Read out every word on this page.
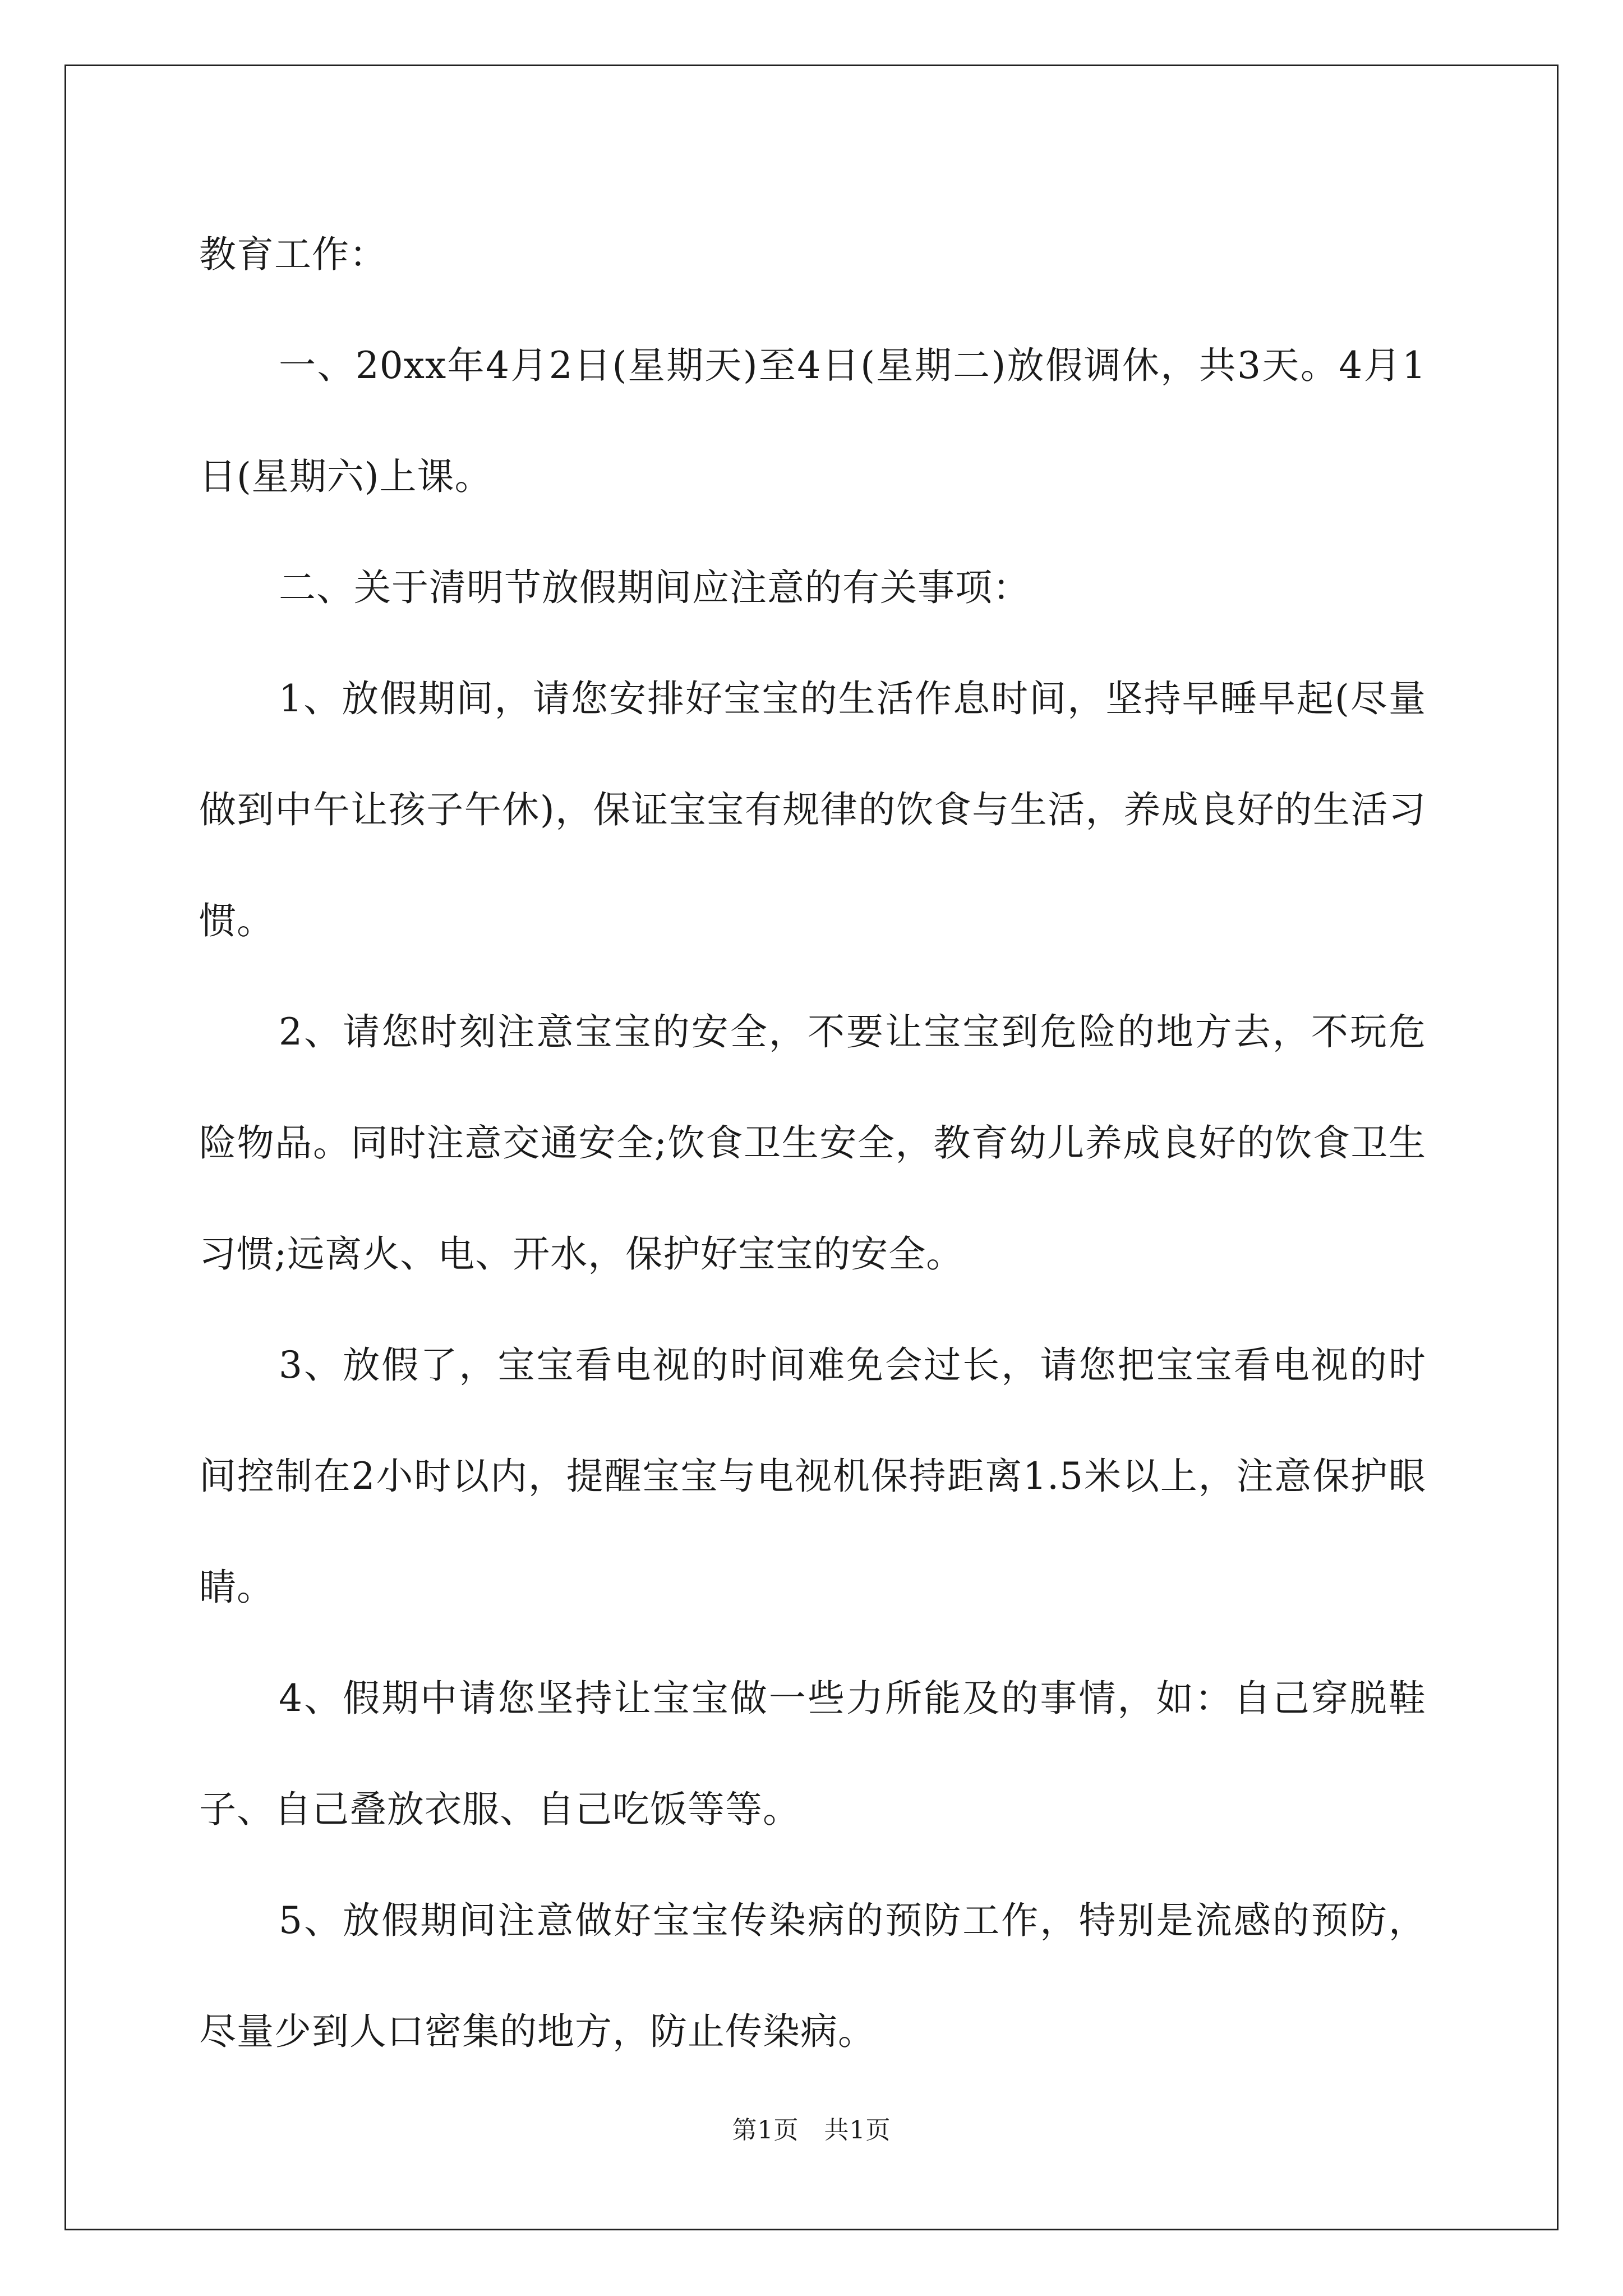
教育工作：

一、20xx年4月2日(星期天)至4日(星期二)放假调休，共3天。4月1日(星期六)上课。

二、关于清明节放假期间应注意的有关事项：

1、放假期间，请您安排好宝宝的生活作息时间，坚持早睡早起(尽量做到中午让孩子午休)，保证宝宝有规律的饮食与生活，养成良好的生活习惯。

2、请您时刻注意宝宝的安全，不要让宝宝到危险的地方去，不玩危险物品。同时注意交通安全;饮食卫生安全，教育幼儿养成良好的饮食卫生习惯;远离火、电、开水，保护好宝宝的安全。

3、放假了，宝宝看电视的时间难免会过长，请您把宝宝看电视的时间控制在2小时以内，提醒宝宝与电视机保持距离1.5米以上，注意保护眼睛。

4、假期中请您坚持让宝宝做一些力所能及的事情，如：自己穿脱鞋子、自己叠放衣服、自己吃饭等等。

5、放假期间注意做好宝宝传染病的预防工作，特别是流感的预防，尽量少到人口密集的地方，防止传染病。

第1页　共1页
